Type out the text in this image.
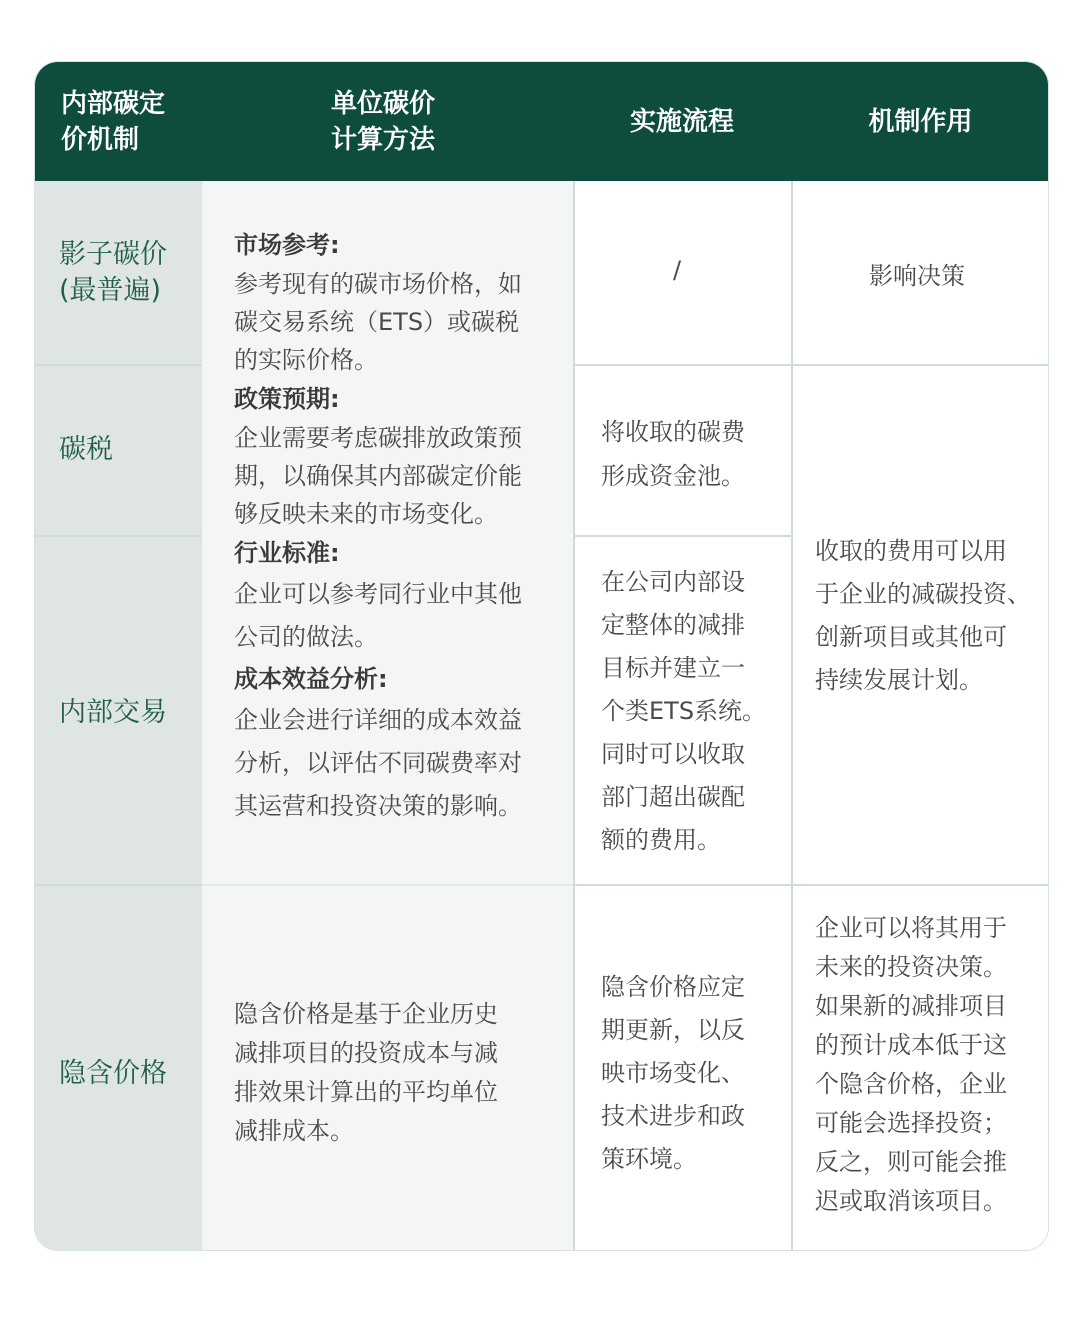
内部碳定
价机制
单位碳价
计算方法
实施流程	机制作用
影子碳价
(最普遍)
碳税
内部交易
隐含价格
市场参考:
参考现有的碳市场价格，如
碳交易系统（ETS）或碳税
的实际价格。
政策预期:
企业需要考虑碳排放政策预
期，以确保其内部碳定价能
够反映未来的市场变化。
行业标准:
企业可以参考同行业中其他
公司的做法。
成本效益分析:
企业会进行详细的成本效益
分析，以评估不同碳费率对
其运营和投资决策的影响。
隐含价格是基于企业历史
减排项目的投资成本与减
排效果计算出的平均单位
减排成本。
/
将收取的碳费
形成资金池。
在公司内部设
定整体的减排
目标并建立一
个类ETS系统。
同时可以收取
部门超出碳配
额的费用。
隐含价格应定
期更新，以反
映市场变化、
技术进步和政
策环境。
影响决策
收取的费用可以用
于企业的减碳投资、
创新项目或其他可
持续发展计划。
企业可以将其用于
未来的投资决策。
如果新的减排项目
的预计成本低于这
个隐含价格，企业
可能会选择投资；
反之，则可能会推
迟或取消该项目。
